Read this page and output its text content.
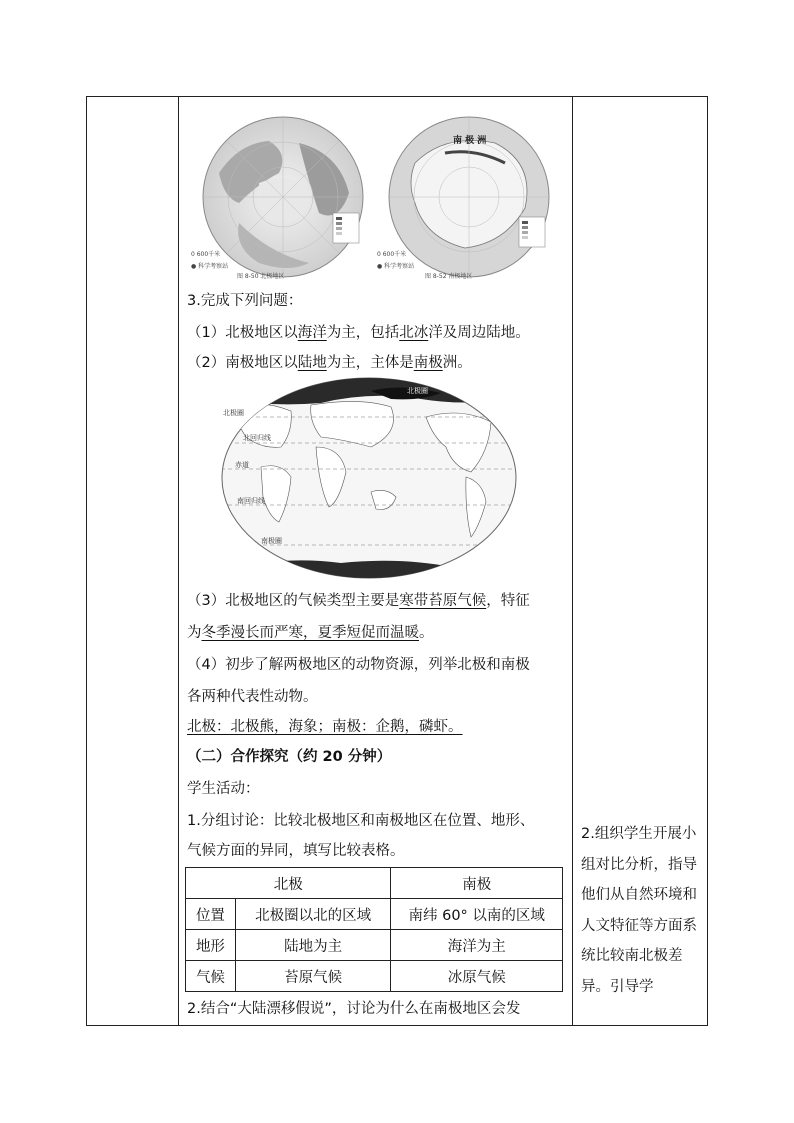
南 极 洲
图 8-50 北极地区	图 8-52 南极地区
0 600千米
● 科学考察站
0 600千米
● 科学考察站
3.完成下列问题：
（1）北极地区以海洋为主，包括北冰洋及周边陆地。
（2）南极地区以陆地为主，主体是南极洲。
北极圈
北回归线
赤道
南回归线
南极圈
北极圈
（3）北极地区的气候类型主要是寒带苔原气候，特征
为冬季漫长而严寒，夏季短促而温暖。
（4）初步了解两极地区的动物资源，列举北极和南极
各两种代表性动物。
北极：北极熊，海象；南极：企鹅，磷虾。
（二）合作探究（约 20 分钟）
学生活动：
1.分组讨论：比较北极地区和南极地区在位置、地形、
气候方面的异同，填写比较表格。
北极		南极
位置	北极圈以北的区域	南纬 60° 以南的区域
地形	陆地为主	海洋为主
气候	苔原气候	冰原气候
2.结合“大陆漂移假说”，讨论为什么在南极地区会发
2.组织学生开展小组对比分析，指导他们从自然环境和人文特征等方面系统比较南北极差异。引导学
